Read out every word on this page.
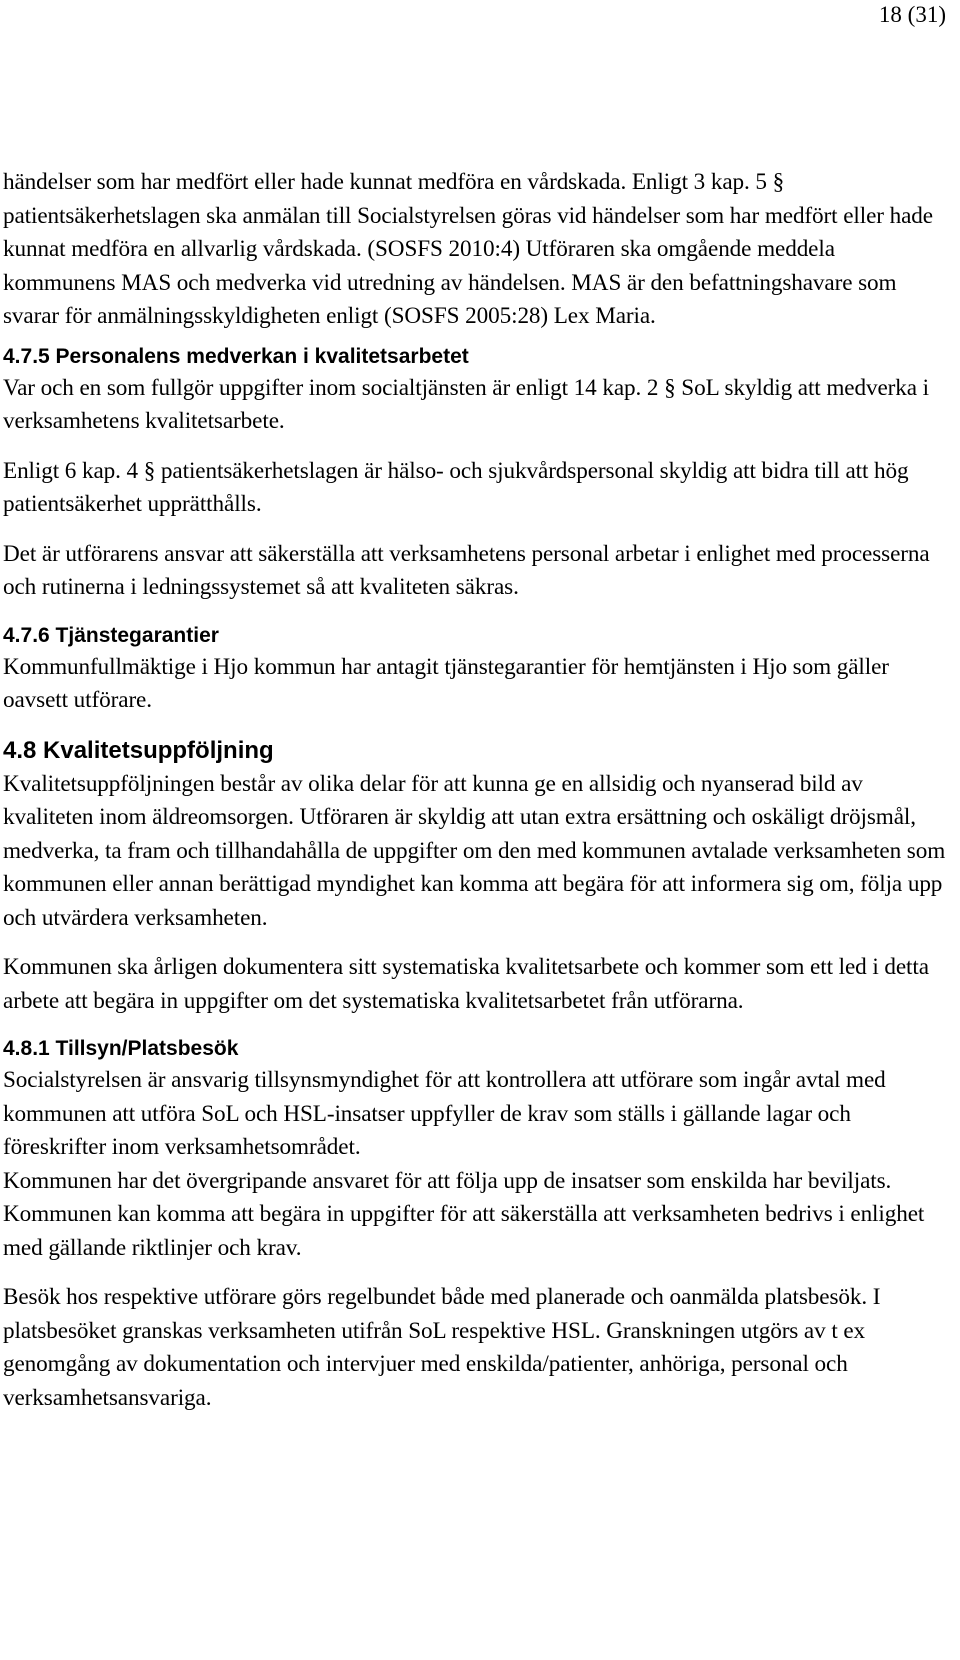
18 (31)

händelser som har medfört eller hade kunnat medföra en vårdskada. Enligt 3 kap. 5 § patientsäkerhetslagen ska anmälan till Socialstyrelsen göras vid händelser som har medfört eller hade kunnat medföra en allvarlig vårdskada. (SOSFS 2010:4) Utföraren ska omgående meddela kommunens MAS och medverka vid utredning av händelsen. MAS är den befattningshavare som svarar för anmälningsskyldigheten enligt (SOSFS 2005:28) Lex Maria.

4.7.5 Personalens medverkan i kvalitetsarbetet

Var och en som fullgör uppgifter inom socialtjänsten är enligt 14 kap. 2 § SoL skyldig att medverka i verksamhetens kvalitetsarbete.

Enligt 6 kap. 4 § patientsäkerhetslagen är hälso- och sjukvårdspersonal skyldig att bidra till att hög patientsäkerhet upprätthålls.

Det är utförarens ansvar att säkerställa att verksamhetens personal arbetar i enlighet med processerna och rutinerna i ledningssystemet så att kvaliteten säkras.

4.7.6 Tjänstegarantier

Kommunfullmäktige i Hjo kommun har antagit tjänstegarantier för hemtjänsten i Hjo som gäller oavsett utförare.

4.8 Kvalitetsuppföljning

Kvalitetsuppföljningen består av olika delar för att kunna ge en allsidig och nyanserad bild av kvaliteten inom äldreomsorgen. Utföraren är skyldig att utan extra ersättning och oskäligt dröjsmål, medverka, ta fram och tillhandahålla de uppgifter om den med kommunen avtalade verksamheten som kommunen eller annan berättigad myndighet kan komma att begära för att informera sig om, följa upp och utvärdera verksamheten.

Kommunen ska årligen dokumentera sitt systematiska kvalitetsarbete och kommer som ett led i detta arbete att begära in uppgifter om det systematiska kvalitetsarbetet från utförarna.

4.8.1 Tillsyn/Platsbesök

Socialstyrelsen är ansvarig tillsynsmyndighet för att kontrollera att utförare som ingår avtal med kommunen att utföra SoL och HSL-insatser uppfyller de krav som ställs i gällande lagar och föreskrifter inom verksamhetsområdet.

Kommunen har det övergripande ansvaret för att följa upp de insatser som enskilda har beviljats. Kommunen kan komma att begära in uppgifter för att säkerställa att verksamheten bedrivs i enlighet med gällande riktlinjer och krav.

Besök hos respektive utförare görs regelbundet både med planerade och oanmälda platsbesök. I platsbesöket granskas verksamheten utifrån SoL respektive HSL. Granskningen utgörs av t ex genomgång av dokumentation och intervjuer med enskilda/patienter, anhöriga, personal och verksamhetsansvariga.
